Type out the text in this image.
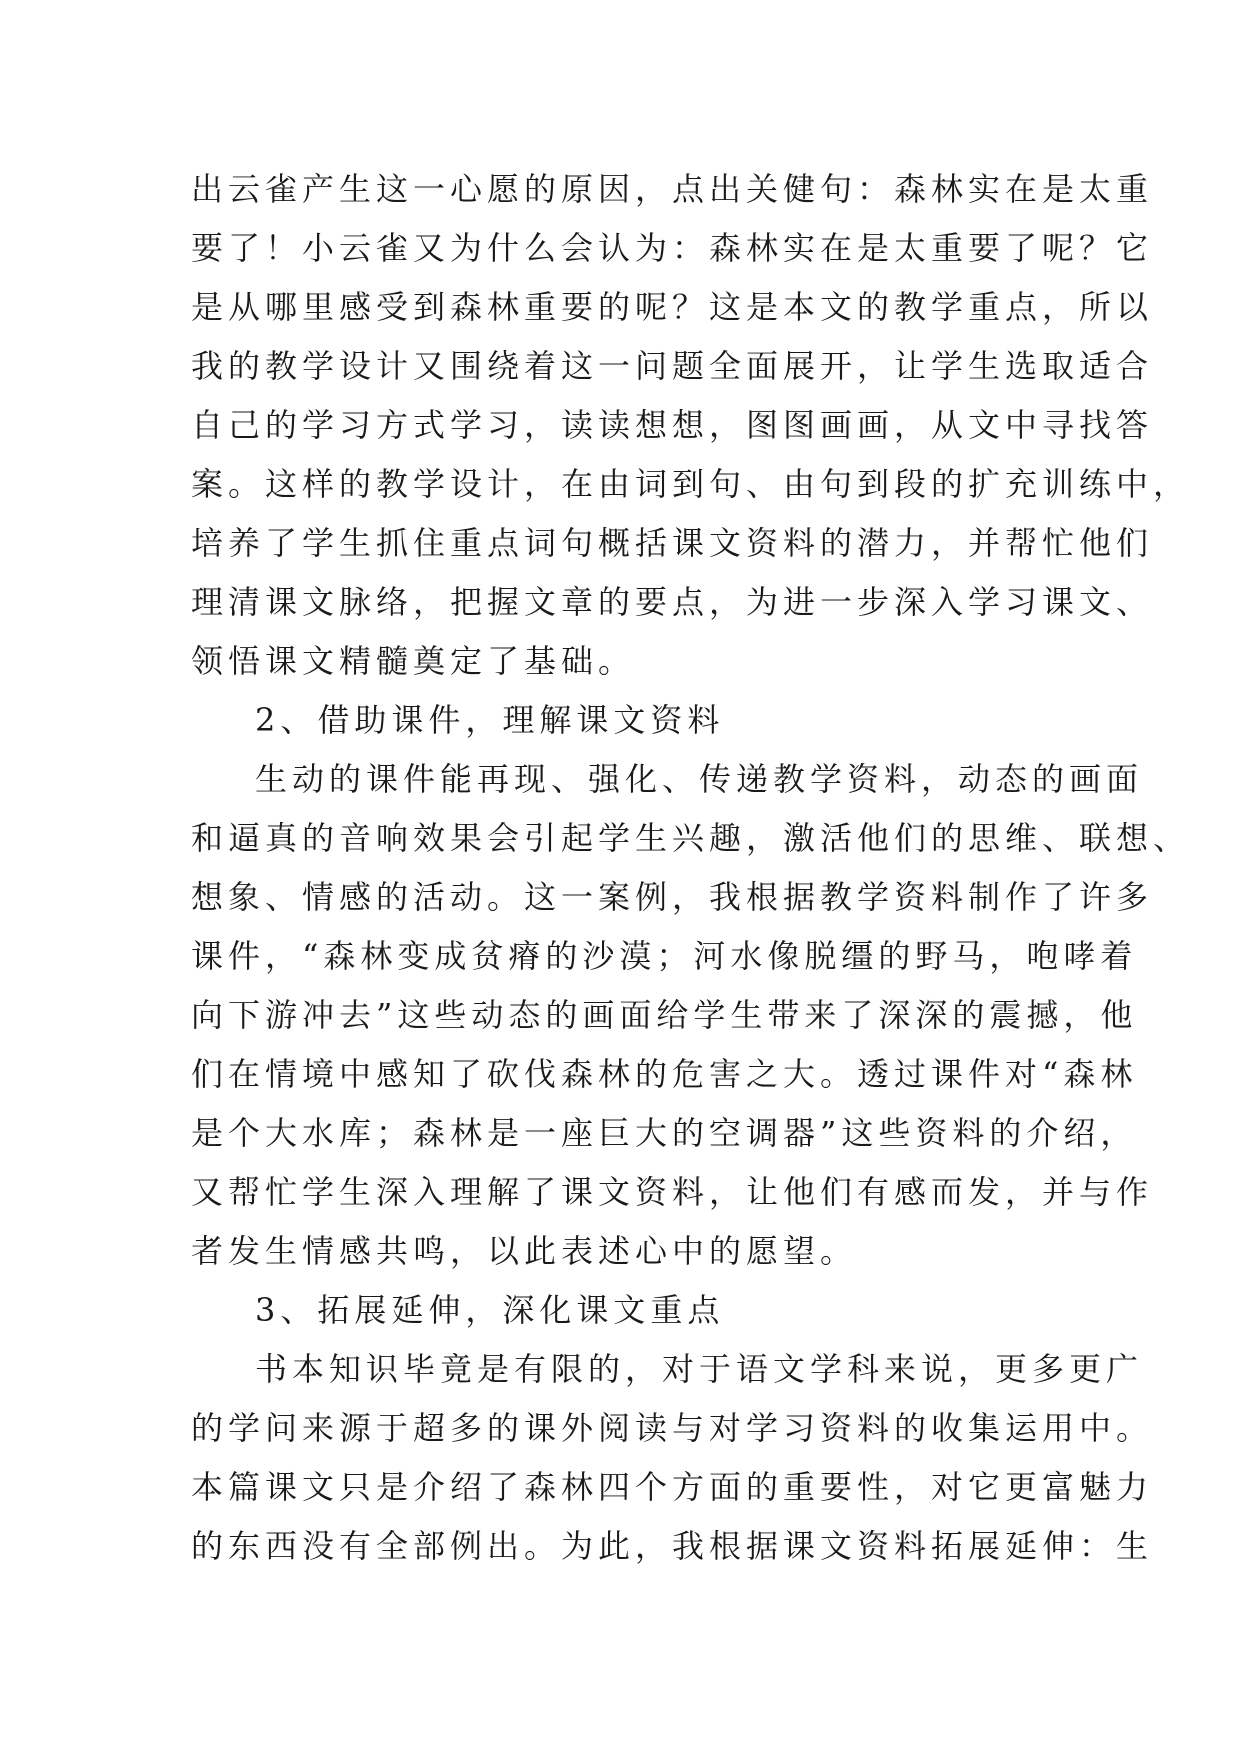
出云雀产生这一心愿的原因，点出关健句：森林实在是太重
要了！小云雀又为什么会认为：森林实在是太重要了呢？它
是从哪里感受到森林重要的呢？这是本文的教学重点，所以
我的教学设计又围绕着这一问题全面展开，让学生选取适合
自己的学习方式学习，读读想想，图图画画，从文中寻找答
案。这样的教学设计，在由词到句、由句到段的扩充训练中，
培养了学生抓住重点词句概括课文资料的潜力，并帮忙他们
理清课文脉络，把握文章的要点，为进一步深入学习课文、
领悟课文精髓奠定了基础。
2、借助课件，理解课文资料
生动的课件能再现、强化、传递教学资料，动态的画面
和逼真的音响效果会引起学生兴趣，激活他们的思维、联想、
想象、情感的活动。这一案例，我根据教学资料制作了许多
课件，“森林变成贫瘠的沙漠；河水像脱缰的野马，咆哮着
向下游冲去”这些动态的画面给学生带来了深深的震撼，他
们在情境中感知了砍伐森林的危害之大。透过课件对“森林
是个大水库；森林是一座巨大的空调器”这些资料的介绍，
又帮忙学生深入理解了课文资料，让他们有感而发，并与作
者发生情感共鸣，以此表述心中的愿望。
3、拓展延伸，深化课文重点
书本知识毕竟是有限的，对于语文学科来说，更多更广
的学问来源于超多的课外阅读与对学习资料的收集运用中。
本篇课文只是介绍了森林四个方面的重要性，对它更富魅力
的东西没有全部例出。为此，我根据课文资料拓展延伸：生
